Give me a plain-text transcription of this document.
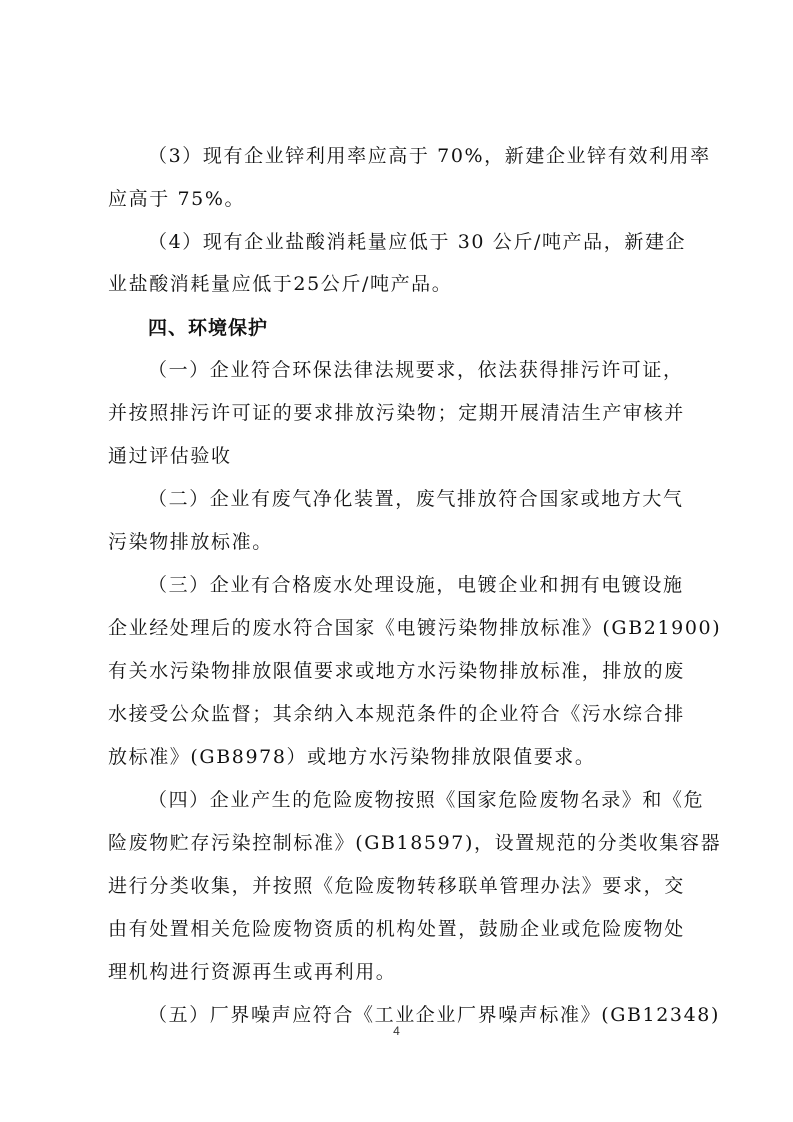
（3）现有企业锌利用率应高于 70%，新建企业锌有效利用率
应高于 75%。
（4）现有企业盐酸消耗量应低于 30 公斤/吨产品，新建企
业盐酸消耗量应低于25公斤/吨产品。
四、环境保护
（一）企业符合环保法律法规要求，依法获得排污许可证，
并按照排污许可证的要求排放污染物；定期开展清洁生产审核并
通过评估验收
（二）企业有废气净化装置，废气排放符合国家或地方大气
污染物排放标准。
（三）企业有合格废水处理设施，电镀企业和拥有电镀设施
企业经处理后的废水符合国家《电镀污染物排放标准》(GB21900)
有关水污染物排放限值要求或地方水污染物排放标准，排放的废
水接受公众监督；其余纳入本规范条件的企业符合《污水综合排
放标准》(GB8978）或地方水污染物排放限值要求。
（四）企业产生的危险废物按照《国家危险废物名录》和《危
险废物贮存污染控制标准》(GB18597)，设置规范的分类收集容器
进行分类收集，并按照《危险废物转移联单管理办法》要求，交
由有处置相关危险废物资质的机构处置，鼓励企业或危险废物处
理机构进行资源再生或再利用。
（五）厂界噪声应符合《工业企业厂界噪声标准》(GB12348)
4
